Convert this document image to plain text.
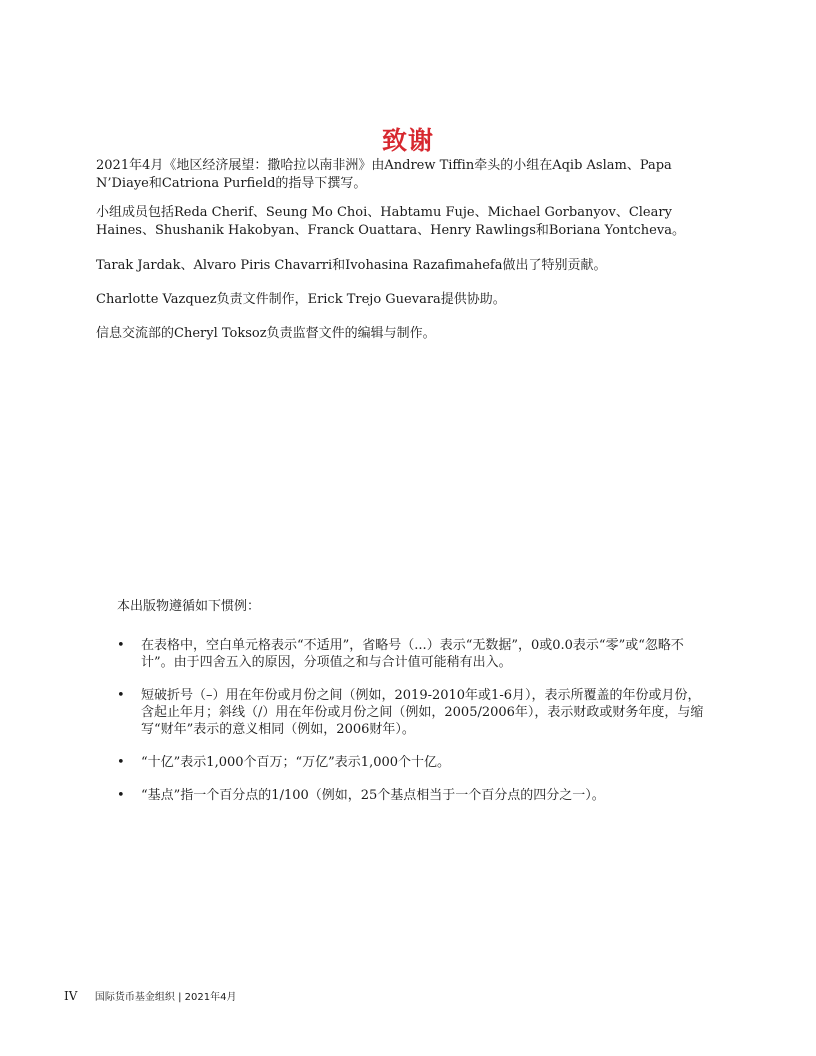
致谢

2021年4月《地区经济展望：撒哈拉以南非洲》由Andrew Tiffin牵头的小组在Aqib Aslam、Papa N’Diaye和Catriona Purfield的指导下撰写。

小组成员包括Reda Cherif、Seung Mo Choi、Habtamu Fuje、Michael Gorbanyov、Cleary Haines、Shushanik Hakobyan、Franck Ouattara、Henry Rawlings和Boriana Yontcheva。

Tarak Jardak、Alvaro Piris Chavarri和Ivohasina Razafimahefa做出了特别贡献。

Charlotte Vazquez负责文件制作，Erick Trejo Guevara提供协助。

信息交流部的Cheryl Toksoz负责监督文件的编辑与制作。

本出版物遵循如下惯例：
• 在表格中，空白单元格表示“不适用”，省略号（...）表示“无数据”，0或0.0表示“零”或“忽略不计”。由于四舍五入的原因，分项值之和与合计值可能稍有出入。
• 短破折号（–）用在年份或月份之间（例如，2019-2010年或1-6月），表示所覆盖的年份或月份，含起止年月；斜线（/）用在年份或月份之间（例如，2005/2006年），表示财政或财务年度，与缩写“财年”表示的意义相同（例如，2006财年）。
• “十亿”表示1,000个百万；“万亿”表示1,000个十亿。
• “基点”指一个百分点的1/100（例如，25个基点相当于一个百分点的四分之一）。
IV 国际货币基金组织 | 2021年4月
